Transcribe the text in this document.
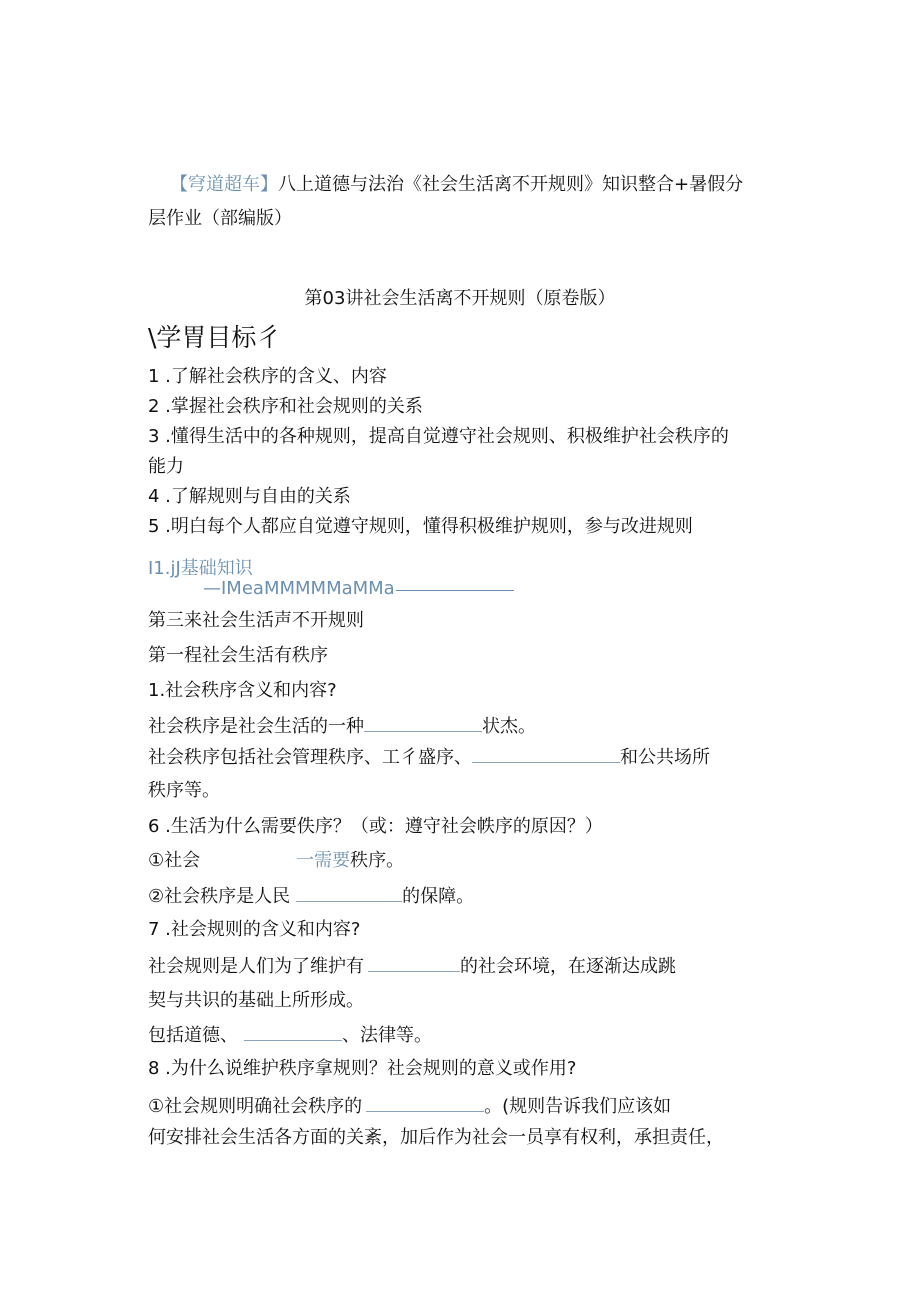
【穹道超车】八上道德与法治《社会生活离不开规则》知识整合+暑假分
层作业（部编版）
第03讲社会生活离不开规则（原卷版）
\学胃目标彳
1 .了解社会秩序的含义、内容
2 .掌握社会秩序和社会规则的关系
3 .懂得生活中的各种规则，提高自觉遵守社会规则、积极维护社会秩序的
能力
4 .了解规则与自由的关系
5 .明白每个人都应自觉遵守规则，懂得积极维护规则，参与改进规则
I1.jJ基础知识
—IMeaMMMMMaMMa
第三来社会生活声不开规则
第一程社会生活有秩序
1.社会秩序含义和内容?
社会秩序是社会生活的一种	状杰。
社会秩序包括社会管理秩序、工彳盛序、	和公共场所
秩序等。
6 .生活为什么需要佚序？（或：遵守社会帙序的原因？）
①社会	一需要秩序。
②社会秩序是人民	的保障。
7 .社会规则的含义和内容?
社会规则是人们为了维护有	的社会环境，在逐渐达成跳
契与共识的基础上所形成。
包括道德、	、法律等。
8 .为什么说维护秩序拿规则？社会规则的意义或作用?
①社会规则明确社会秩序的	。(规则告诉我们应该如
何安排社会生活各方面的关紊，加后作为社会一员享有权利，承担责任，
